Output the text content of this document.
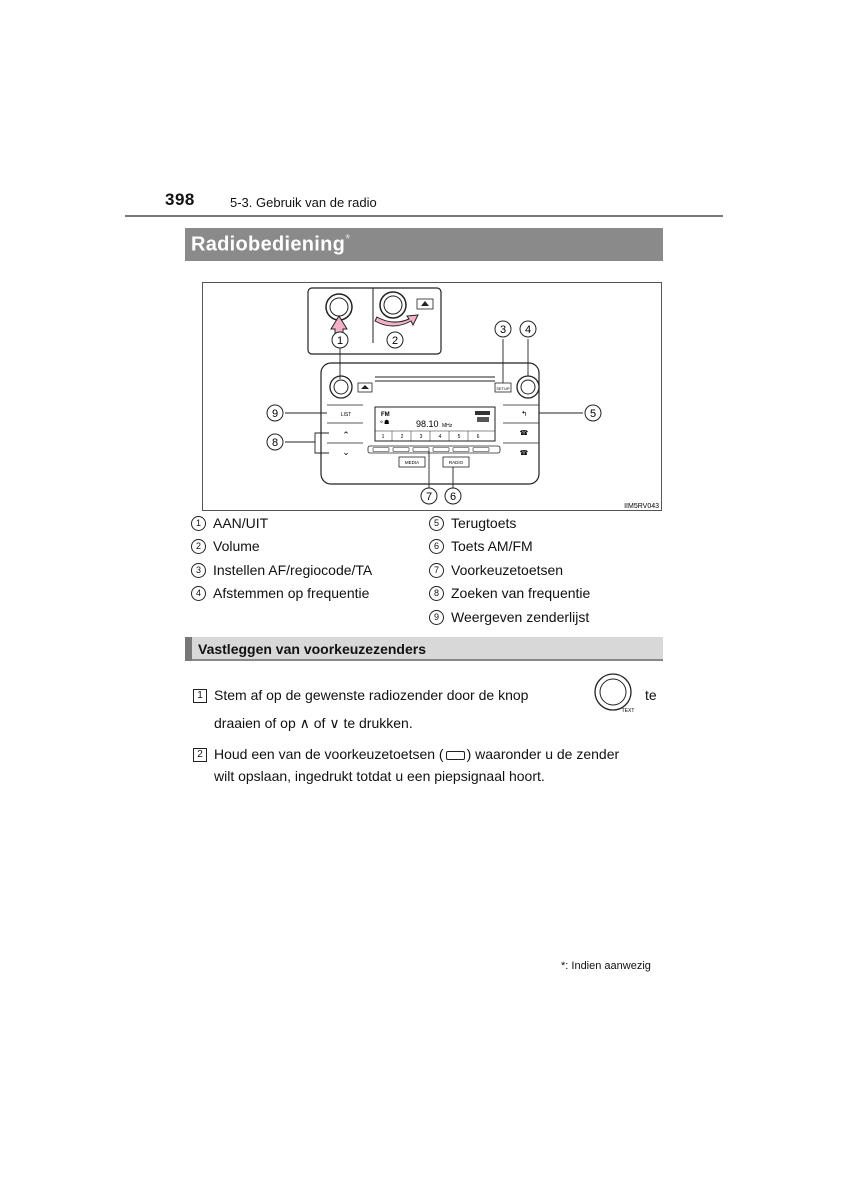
398	5-3. Gebruik van de radio
Radiobediening*
SETUP
LIST
⌃
⌄
↰
☎
☎
FM
⚬☗	98.10 MHz
1	2	3	4	5	6
MEDIA	RADIO
1	2
3 4
5
6
7
8
9
IIM5RV043
1 AAN/UIT
2 Volume
3 Instellen AF/regiocode/TA
4 Afstemmen op frequentie
5 Terugtoets
6 Toets AM/FM
7 Voorkeuzetoetsen
8 Zoeken van frequentie
9 Weergeven zenderlijst
Vastleggen van voorkeuzezenders
1 Stem af op de gewenste radiozender door de knop
TEXT
te
draaien of op ∧ of ∨ te drukken.
2 Houd een van de voorkeuzetoetsen ( ) waaronder u de zender
wilt opslaan, ingedrukt totdat u een piepsignaal hoort.
*: Indien aanwezig
